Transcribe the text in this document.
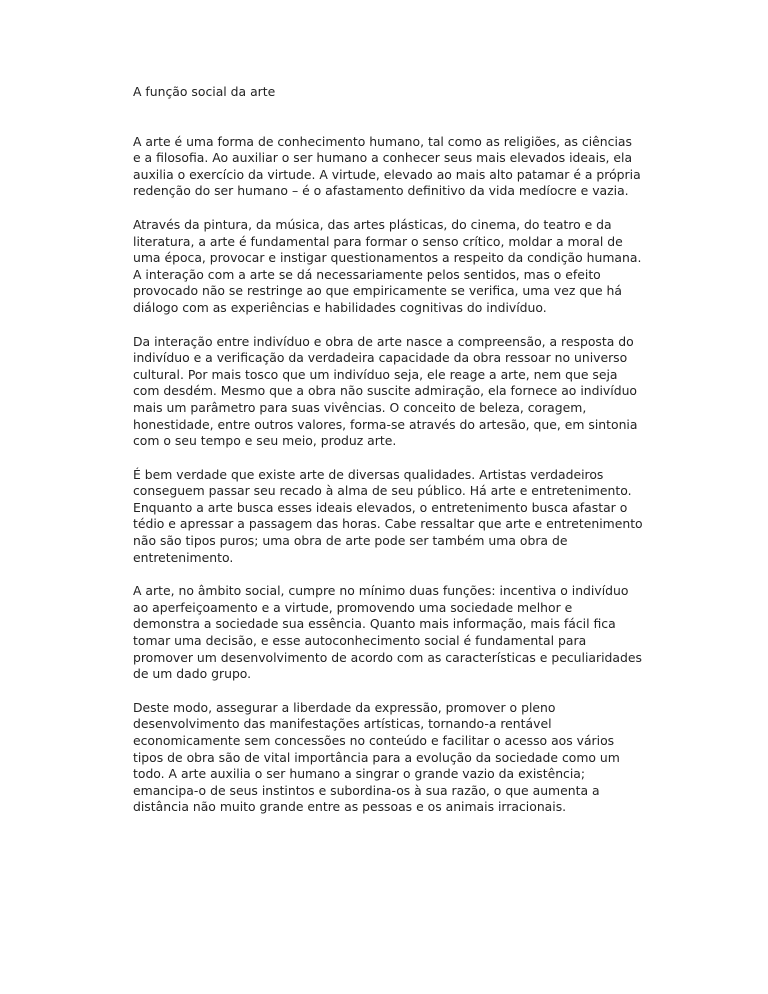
A função social da arte

A arte é uma forma de conhecimento humano, tal como as religiões, as ciências e a filosofia. Ao auxiliar o ser humano a conhecer seus mais elevados ideais, ela auxilia o exercício da virtude. A virtude, elevado ao mais alto patamar é a própria redenção do ser humano – é o afastamento definitivo da vida medíocre e vazia.

Através da pintura, da música, das artes plásticas, do cinema, do teatro e da literatura, a arte é fundamental para formar o senso crítico, moldar a moral de uma época, provocar e instigar questionamentos a respeito da condição humana. A interação com a arte se dá necessariamente pelos sentidos, mas o efeito provocado não se restringe ao que empiricamente se verifica, uma vez que há diálogo com as experiências e habilidades cognitivas do indivíduo.

Da interação entre indivíduo e obra de arte nasce a compreensão, a resposta do indivíduo e a verificação da verdadeira capacidade da obra ressoar no universo cultural. Por mais tosco que um indivíduo seja, ele reage a arte, nem que seja com desdém. Mesmo que a obra não suscite admiração, ela fornece ao indivíduo mais um parâmetro para suas vivências. O conceito de beleza, coragem, honestidade, entre outros valores, forma-se através do artesão, que, em sintonia com o seu tempo e seu meio, produz arte.

É bem verdade que existe arte de diversas qualidades. Artistas verdadeiros conseguem passar seu recado à alma de seu público. Há arte e entretenimento. Enquanto a arte busca esses ideais elevados, o entretenimento busca afastar o tédio e apressar a passagem das horas. Cabe ressaltar que arte e entretenimento não são tipos puros; uma obra de arte pode ser também uma obra de entretenimento.

A arte, no âmbito social, cumpre no mínimo duas funções: incentiva o indivíduo ao aperfeiçoamento e a virtude, promovendo uma sociedade melhor e demonstra a sociedade sua essência. Quanto mais informação, mais fácil fica tomar uma decisão, e esse autoconhecimento social é fundamental para promover um desenvolvimento de acordo com as características e peculiaridades de um dado grupo.

Deste modo, assegurar a liberdade da expressão, promover o pleno desenvolvimento das manifestações artísticas, tornando-a rentável economicamente sem concessões no conteúdo e facilitar o acesso aos vários tipos de obra são de vital importância para a evolução da sociedade como um todo. A arte auxilia o ser humano a singrar o grande vazio da existência; emancipa-o de seus instintos e subordina-os à sua razão, o que aumenta a distância não muito grande entre as pessoas e os animais irracionais.
